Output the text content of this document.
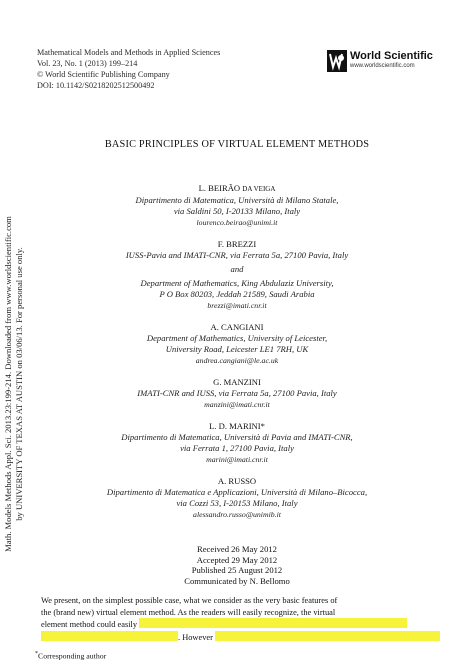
Math. Models Methods Appl. Sci. 2013.23:199-214. Downloaded from www.worldscientific.com by UNIVERSITY OF TEXAS AT AUSTIN on 03/06/13. For personal use only.
Mathematical Models and Methods in Applied Sciences
Vol. 23, No. 1 (2013) 199–214
© World Scientific Publishing Company
DOI: 10.1142/S0218202512500492
World Scientific
www.worldscientific.com
BASIC PRINCIPLES OF VIRTUAL ELEMENT METHODS
L. BEIRÃO DA VEIGA
Dipartimento di Matematica, Università di Milano Statale,
via Saldini 50, I-20133 Milano, Italy
lourenco.beirao@unimi.it
F. BREZZI
IUSS-Pavia and IMATI-CNR, via Ferrata 5a, 27100 Pavia, Italy
and
Department of Mathematics, King Abdulaziz University,
P O Box 80203, Jeddah 21589, Saudi Arabia
brezzi@imati.cnr.it
A. CANGIANI
Department of Mathematics, University of Leicester,
University Road, Leicester LE1 7RH, UK
andrea.cangiani@le.ac.uk
G. MANZINI
IMATI-CNR and IUSS, via Ferrata 5a, 27100 Pavia, Italy
manzini@imati.cnr.it
L. D. MARINI*
Dipartimento di Matematica, Università di Pavia and IMATI-CNR,
via Ferrata 1, 27100 Pavia, Italy
marini@imati.cnr.it
A. RUSSO
Dipartimento di Matematica e Applicazioni, Università di Milano–Bicocca,
via Cozzi 53, I-20153 Milano, Italy
alessandro.russo@unimib.it
Received 26 May 2012
Accepted 29 May 2012
Published 25 August 2012
Communicated by N. Bellomo
We present, on the simplest possible case, what we consider as the very basic features of
the (brand new) virtual element method. As the readers will easily recognize, the virtual
element method could easily
. However
*Corresponding author
